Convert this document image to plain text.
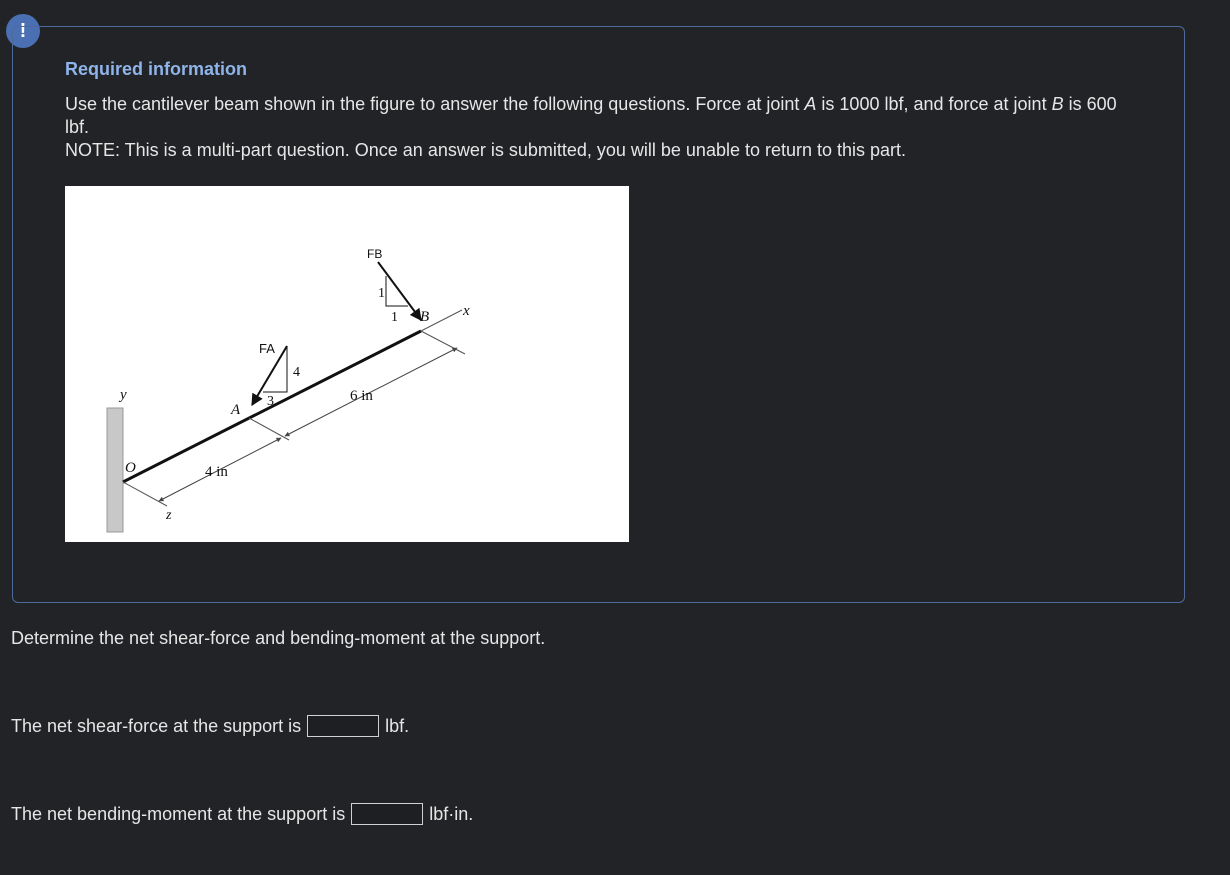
!
Required information

Use the cantilever beam shown in the figure to answer the following questions. Force at joint A is 1000 lbf, and force at joint B is 600 lbf.
NOTE: This is a multi-part question. Once an answer is submitted, you will be unable to return to this part.

y
O
z
A
B x
FA
FB
4
3
1
1
4 in
6 in

Determine the net shear-force and bending-moment at the support.

The net shear-force at the support is	lbf.
The net bending-moment at the support is	lbf·in.
